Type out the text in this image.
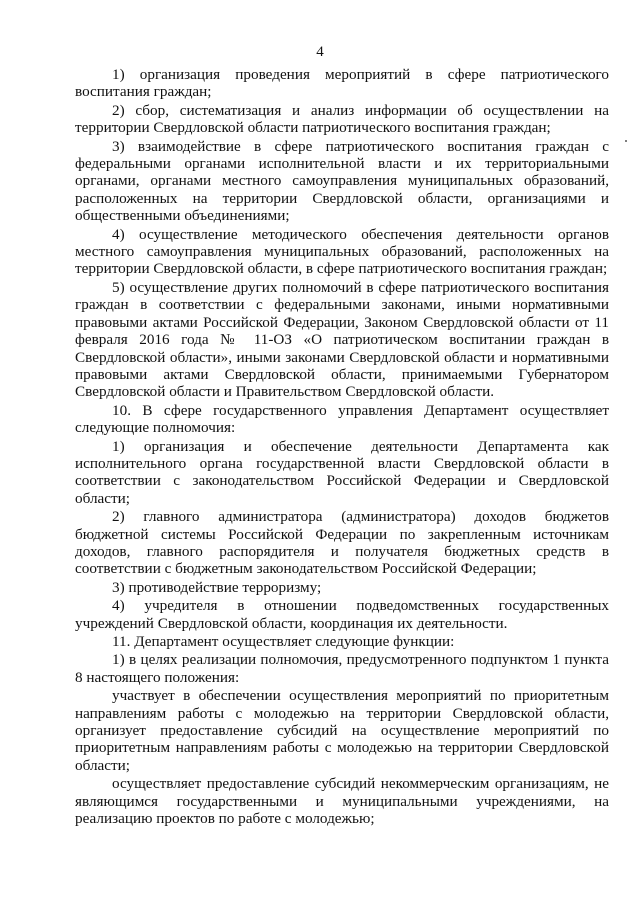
4

1) организация проведения мероприятий в сфере патриотического воспитания граждан;

2) сбор, систематизация и анализ информации об осуществлении на территории Свердловской области патриотического воспитания граждан;

3) взаимодействие в сфере патриотического воспитания граждан с федеральными органами исполнительной власти и их территориальными органами, органами местного самоуправления муниципальных образований, расположенных на территории Свердловской области, организациями и общественными объединениями;

4) осуществление методического обеспечения деятельности органов местного самоуправления муниципальных образований, расположенных на территории Свердловской области, в сфере патриотического воспитания граждан;

5) осуществление других полномочий в сфере патриотического воспитания граждан в соответствии с федеральными законами, иными нормативными правовыми актами Российской Федерации, Законом Свердловской области от 11 февраля 2016 года № 11-ОЗ «О патриотическом воспитании граждан в Свердловской области», иными законами Свердловской области и нормативными правовыми актами Свердловской области, принимаемыми Губернатором Свердловской области и Правительством Свердловской области.

10. В сфере государственного управления Департамент осуществляет следующие полномочия:

1) организация и обеспечение деятельности Департамента как исполнительного органа государственной власти Свердловской области в соответствии с законодательством Российской Федерации и Свердловской области;

2) главного администратора (администратора) доходов бюджетов бюджетной системы Российской Федерации по закрепленным источникам доходов, главного распорядителя и получателя бюджетных средств в соответствии с бюджетным законодательством Российской Федерации;

3) противодействие терроризму;

4) учредителя в отношении подведомственных государственных учреждений Свердловской области, координация их деятельности.

11. Департамент осуществляет следующие функции:

1) в целях реализации полномочия, предусмотренного подпунктом 1 пункта 8 настоящего положения:

участвует в обеспечении осуществления мероприятий по приоритетным направлениям работы с молодежью на территории Свердловской области, организует предоставление субсидий на осуществление мероприятий по приоритетным направлениям работы с молодежью на территории Свердловской области;

осуществляет предоставление субсидий некоммерческим организациям, не являющимся государственными и муниципальными учреждениями, на реализацию проектов по работе с молодежью;
